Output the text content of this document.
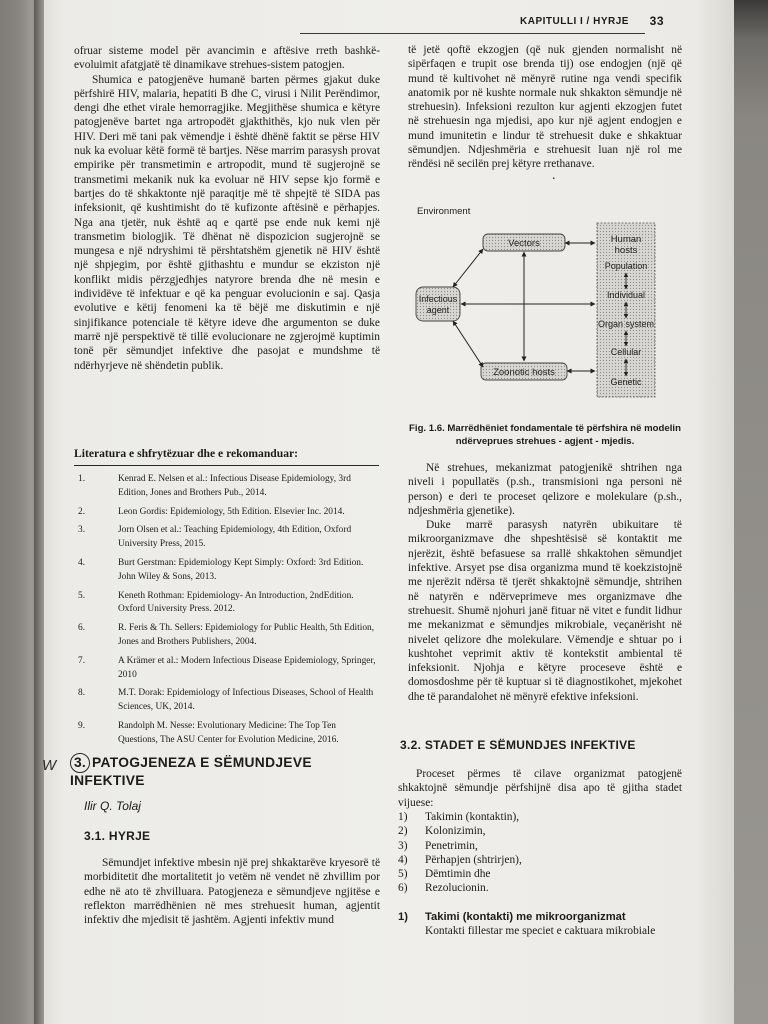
KAPITULLI I / HYRJE 33

ofruar sisteme model për avancimin e aftësive rreth bashkë-evoluimit afatgjatë të dinamikave strehues-sistem patogjen.

Shumica e patogjenëve humanë barten përmes gjakut duke përfshirë HIV, malaria, hepatiti B dhe C, virusi i Nilit Perëndimor, dengi dhe ethet virale hemorragjike. Megjithëse shumica e këtyre patogjenëve bartet nga artropodët gjakthithës, kjo nuk vlen për HIV. Deri më tani pak vëmendje i është dhënë faktit se përse HIV nuk ka evoluar këtë formë të bartjes. Nëse marrim parasysh provat empirike për transmetimin e artropodit, mund të sugjerojnë se transmetimi mekanik nuk ka evoluar në HIV sepse kjo formë e bartjes do të shkaktonte një paraqitje më të shpejtë të SIDA pas infeksionit, që kushtimisht do të kufizonte aftësinë e përhapjes. Nga ana tjetër, nuk është aq e qartë pse ende nuk kemi një transmetim biologjik. Të dhënat në dispozicion sugjerojnë se mungesa e një ndryshimi të përshtatshëm gjenetik në HIV është një shpjegim, por është gjithashtu e mundur se ekziston një konflikt midis përzgjedhjes natyrore brenda dhe në mesin e individëve të infektuar e që ka penguar evolucionin e saj. Qasja evolutive e këtij fenomeni ka të bëjë me diskutimin e një sinjifikance potenciale të këtyre ideve dhe argumenton se duke marrë një perspektivë të tillë evolucionare ne zgjerojmë kuptimin tonë për sëmundjet infektive dhe pasojat e mundshme të ndërhyrjeve në shëndetin publik.

Literatura e shfrytëzuar dhe e rekomanduar:
1.	Kenrad E. Nelsen et al.: Infectious Disease Epidemiology, 3rd Edition, Jones and Brothers Pub., 2014.
2.	Leon Gordis: Epidemiology, 5th Edition. Elsevier Inc. 2014.
3.	Jorn Olsen et al.: Teaching Epidemiology, 4th Edition, Oxford University Press, 2015.
4.	Burt Gerstman: Epidemiology Kept Simply: Oxford: 3rd Edition. John Wiley & Sons, 2013.
5.	Keneth Rothman: Epidemiology- An Introduction, 2ndEdition. Oxford University Press. 2012.
6.	R. Feris & Th. Sellers: Epidemiology for Public Health, 5th Edition, Jones and Brothers Publishers, 2004.
7.	A Krämer et al.: Modern Infectious Disease Epidemiology, Springer, 2010
8.	M.T. Dorak: Epidemiology of Infectious Diseases, School of Health Sciences, UK, 2014.
9.	Randolph M. Nesse: Evolutionary Medicine: The Top Ten Questions, The ASU Center for Evolution Medicine, 2016.
W	3. PATOGJENEZA E SËMUNDJEVE INFEKTIVE
Ilir Q. Tolaj
3.1. HYRJE

Sëmundjet infektive mbesin një prej shkaktarëve kryesorë të morbiditetit dhe mortalitetit jo vetëm në vendet në zhvillim por edhe në ato të zhvilluara. Patogjeneza e sëmundjeve ngjitëse e reflekton marrëdhënien në mes strehuesit human, agjentit infektiv dhe mjedisit të jashtëm. Agjenti infektiv mund

të jetë qoftë ekzogjen (që nuk gjenden normalisht në sipërfaqen e trupit ose brenda tij) ose endogjen (një që mund të kultivohet në mënyrë rutine nga vendi specifik anatomik por në kushte normale nuk shkakton sëmundje në strehuesin). Infeksioni rezulton kur agjenti ekzogjen futet në strehuesin nga mjedisi, apo kur një agjent endogjen e mund imunitetin e lindur të strehuesit duke e shkaktuar sëmundjen. Ndjeshmëria e strehuesit luan një rol me rëndësi në secilën prej këtyre rrethanave.

.
Environment
Human
hosts
Population
Individual
Organ system
Cellular
Genetic
Vectors
Infectious
agent
Zoonotic hosts
Fig. 1.6. Marrëdhëniet fondamentale të përfshira në modelin ndërveprues strehues - agjent - mjedis.

Në strehues, mekanizmat patogjenikë shtrihen nga niveli i popullatës (p.sh., transmisioni nga personi në person) e deri te proceset qelizore e molekulare (p.sh., ndjeshmëria gjenetike).

Duke marrë parasysh natyrën ubikuitare të mikroorganizmave dhe shpeshtësisë së kontaktit me njerëzit, është befasuese sa rrallë shkaktohen sëmundjet infektive. Arsyet pse disa organizma mund të koekzistojnë me njerëzit ndërsa të tjerët shkaktojnë sëmundje, shtrihen në natyrën e ndërveprimeve mes organizmave dhe strehuesit. Shumë njohuri janë fituar në vitet e fundit lidhur me mekanizmat e sëmundjes mikrobiale, veçanërisht në nivelet qelizore dhe molekulare. Vëmendje e shtuar po i kushtohet veprimit aktiv të kontekstit ambiental të infeksionit. Njohja e këtyre proceseve është e domosdoshme për të kuptuar si të diagnostikohet, mjekohet dhe të parandalohet në mënyrë efektive infeksioni.

3.2. STADET E SËMUNDJES INFEKTIVE

Proceset përmes të cilave organizmat patogjenë shkaktojnë sëmundje përfshijnë disa apo të gjitha stadet vijuese:

1) Takimin (kontaktin),
2) Kolonizimin,
3) Penetrimin,
4) Përhapjen (shtrirjen),
5) Dëmtimin dhe
6) Rezolucionin.
1) Takimi (kontakti) me mikroorganizmat
Kontakti fillestar me speciet e caktuara mikrobiale
